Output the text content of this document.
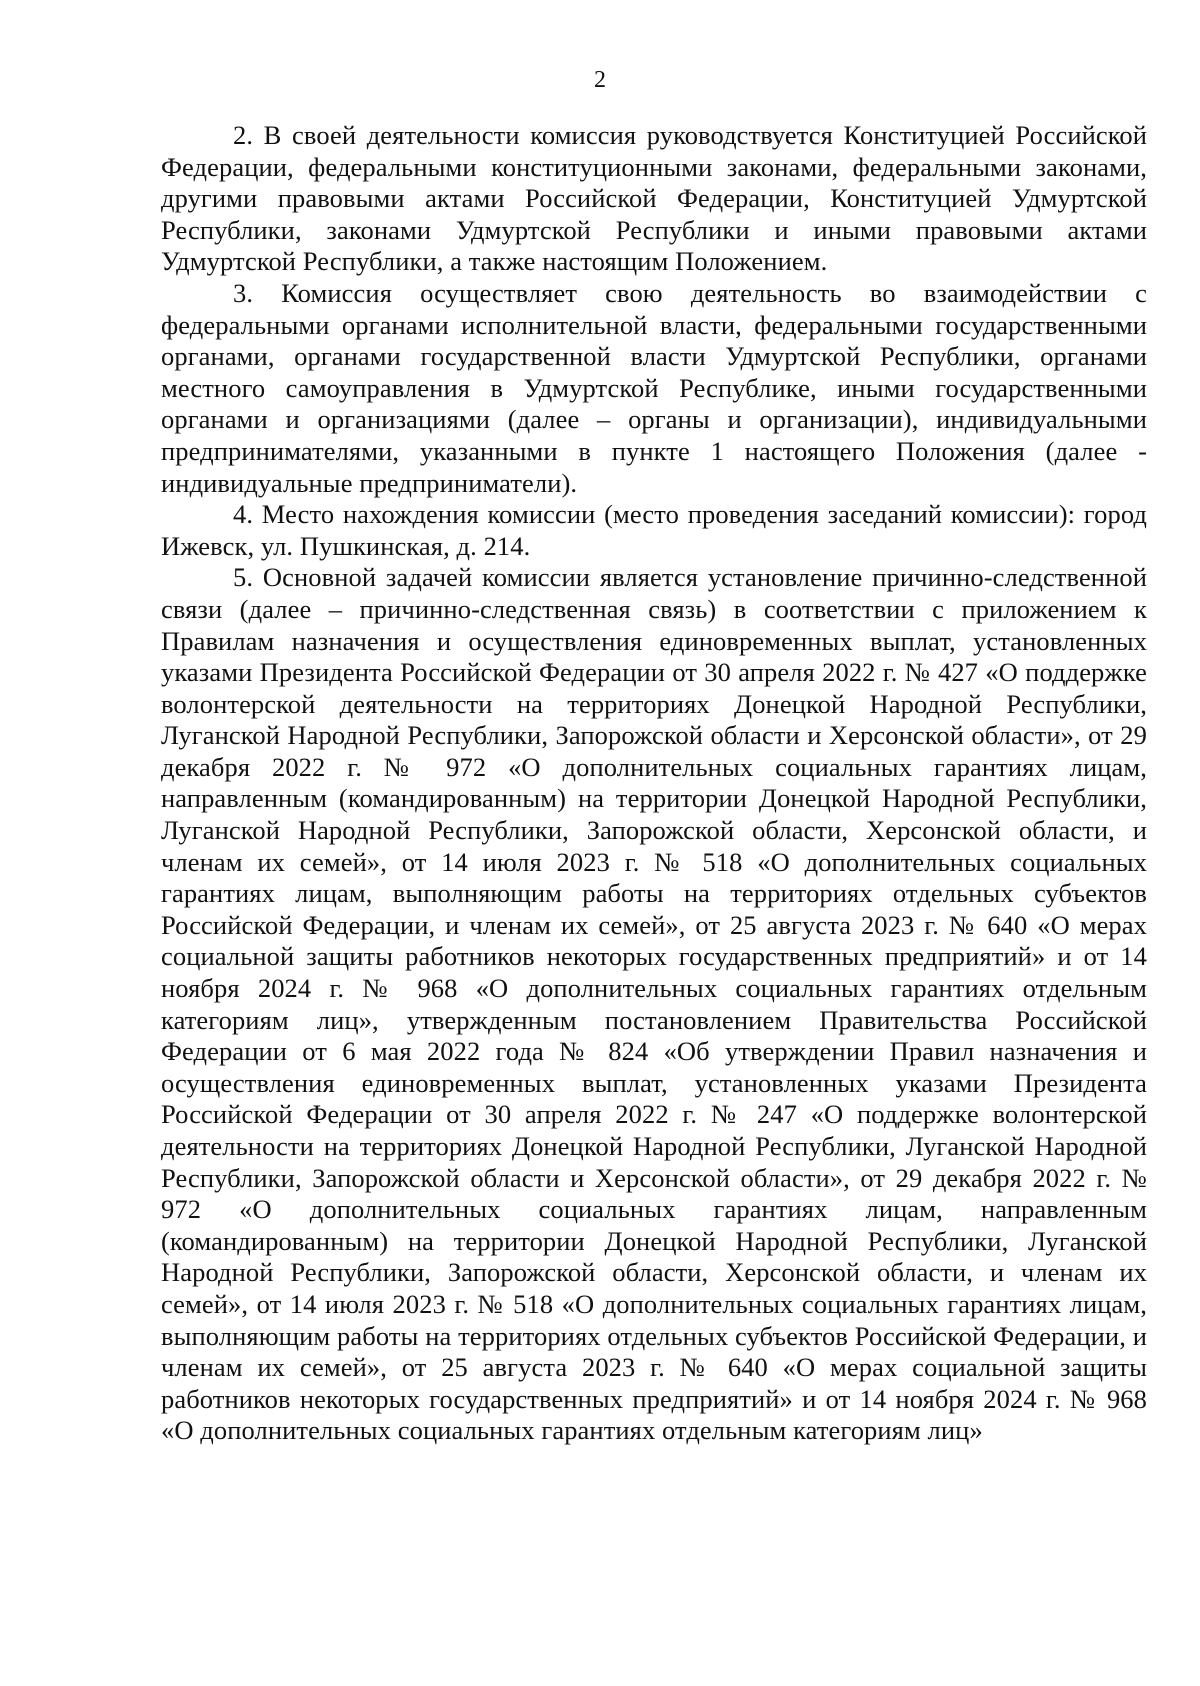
2

2. В своей деятельности комиссия руководствуется Конституцией Российской Федерации, федеральными конституционными законами, федеральными законами, другими правовыми актами Российской Федерации, Конституцией Удмуртской Республики, законами Удмуртской Республики и иными правовыми актами Удмуртской Республики, а также настоящим Положением.

3. Комиссия осуществляет свою деятельность во взаимодействии с федеральными органами исполнительной власти, федеральными государственными органами, органами государственной власти Удмуртской Республики, органами местного самоуправления в Удмуртской Республике, иными государственными органами и организациями (далее – органы и организации), индивидуальными предпринимателями, указанными в пункте 1 настоящего Положения (далее - индивидуальные предприниматели).

4. Место нахождения комиссии (место проведения заседаний комиссии): город Ижевск, ул. Пушкинская, д. 214.

5. Основной задачей комиссии является установление причинно-следственной связи (далее – причинно-следственная связь) в соответствии с приложением к Правилам назначения и осуществления единовременных выплат, установленных указами Президента Российской Федерации от 30 апреля 2022 г. № 427 «О поддержке волонтерской деятельности на территориях Донецкой Народной Республики, Луганской Народной Республики, Запорожской области и Херсонской области», от 29 декабря 2022 г. № 972 «О дополнительных социальных гарантиях лицам, направленным (командированным) на территории Донецкой Народной Республики, Луганской Народной Республики, Запорожской области, Херсонской области, и членам их семей», от 14 июля 2023 г. № 518 «О дополнительных социальных гарантиях лицам, выполняющим работы на территориях отдельных субъектов Российской Федерации, и членам их семей», от 25 августа 2023 г. № 640 «О мерах социальной защиты работников некоторых государственных предприятий» и от 14 ноября 2024 г. № 968 «О дополнительных социальных гарантиях отдельным категориям лиц», утвержденным постановлением Правительства Российской Федерации от 6 мая 2022 года № 824 «Об утверждении Правил назначения и осуществления единовременных выплат, установленных указами Президента Российской Федерации от 30 апреля 2022 г. № 247 «О поддержке волонтерской деятельности на территориях Донецкой Народной Республики, Луганской Народной Республики, Запорожской области и Херсонской области», от 29 декабря 2022 г. № 972 «О дополнительных социальных гарантиях лицам, направленным (командированным) на территории Донецкой Народной Республики, Луганской Народной Республики, Запорожской области, Херсонской области, и членам их семей», от 14 июля 2023 г. № 518 «О дополнительных социальных гарантиях лицам, выполняющим работы на территориях отдельных субъектов Российской Федерации, и членам их семей», от 25 августа 2023 г. № 640 «О мерах социальной защиты работников некоторых государственных предприятий» и от 14 ноября 2024 г. № 968 «О дополнительных социальных гарантиях отдельным категориям лиц»
